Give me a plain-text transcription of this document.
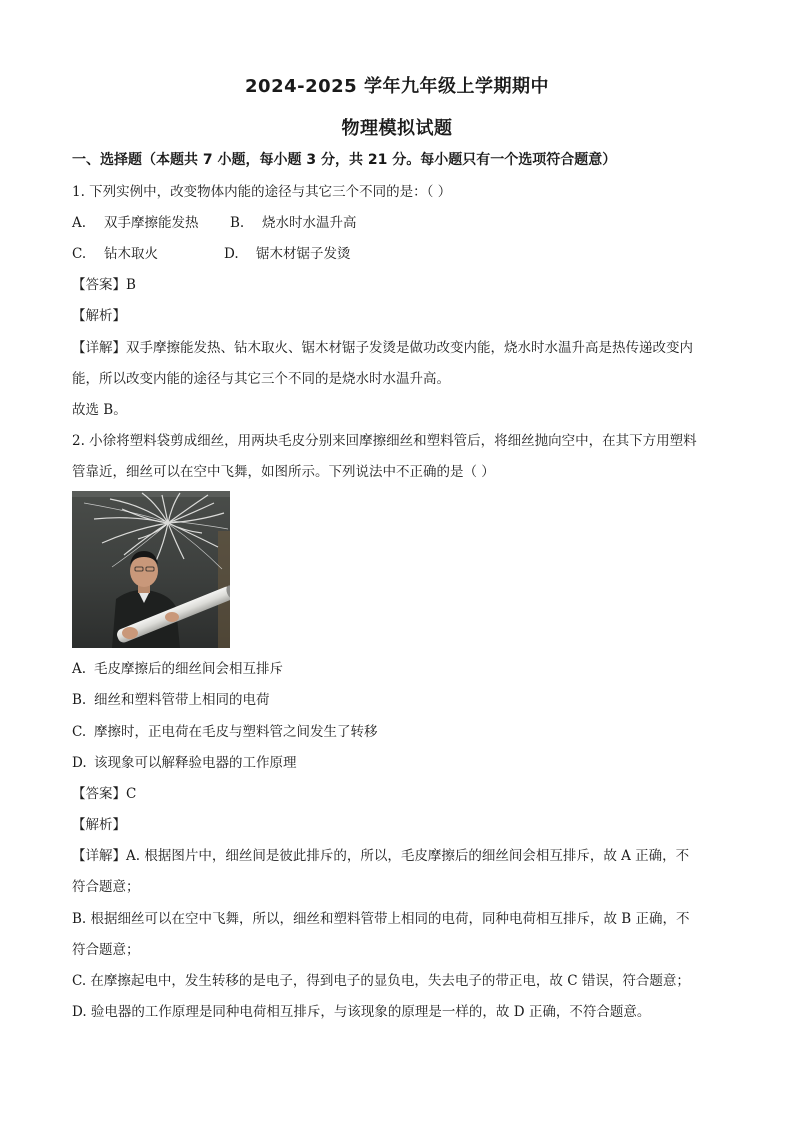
2024-2025 学年九年级上学期期中
物理模拟试题
一、选择题（本题共 7 小题，每小题 3 分，共 21 分。每小题只有一个选项符合题意）
1. 下列实例中，改变物体内能的途径与其它三个不同的是：（ ）
A. 双手摩擦能发热 B. 烧水时水温升高
C. 钻木取火	D. 锯木材锯子发烫
【答案】B
【解析】
【详解】双手摩擦能发热、钻木取火、锯木材锯子发烫是做功改变内能，烧水时水温升高是热传递改变内
能，所以改变内能的途径与其它三个不同的是烧水时水温升高。
故选 B。
2. 小徐将塑料袋剪成细丝，用两块毛皮分别来回摩擦细丝和塑料管后，将细丝抛向空中，在其下方用塑料
管靠近，细丝可以在空中飞舞，如图所示。下列说法中不正确的是（ ）
A. 毛皮摩擦后的细丝间会相互排斥
B. 细丝和塑料管带上相同的电荷
C. 摩擦时，正电荷在毛皮与塑料管之间发生了转移
D. 该现象可以解释验电器的工作原理
【答案】C
【解析】
【详解】A. 根据图片中，细丝间是彼此排斥的，所以，毛皮摩擦后的细丝间会相互排斥，故 A 正确，不
符合题意；
B. 根据细丝可以在空中飞舞，所以，细丝和塑料管带上相同的电荷，同种电荷相互排斥，故 B 正确，不
符合题意；
C. 在摩擦起电中，发生转移的是电子，得到电子的显负电，失去电子的带正电，故 C 错误，符合题意；
D. 验电器的工作原理是同种电荷相互排斥，与该现象的原理是一样的，故 D 正确，不符合题意。
